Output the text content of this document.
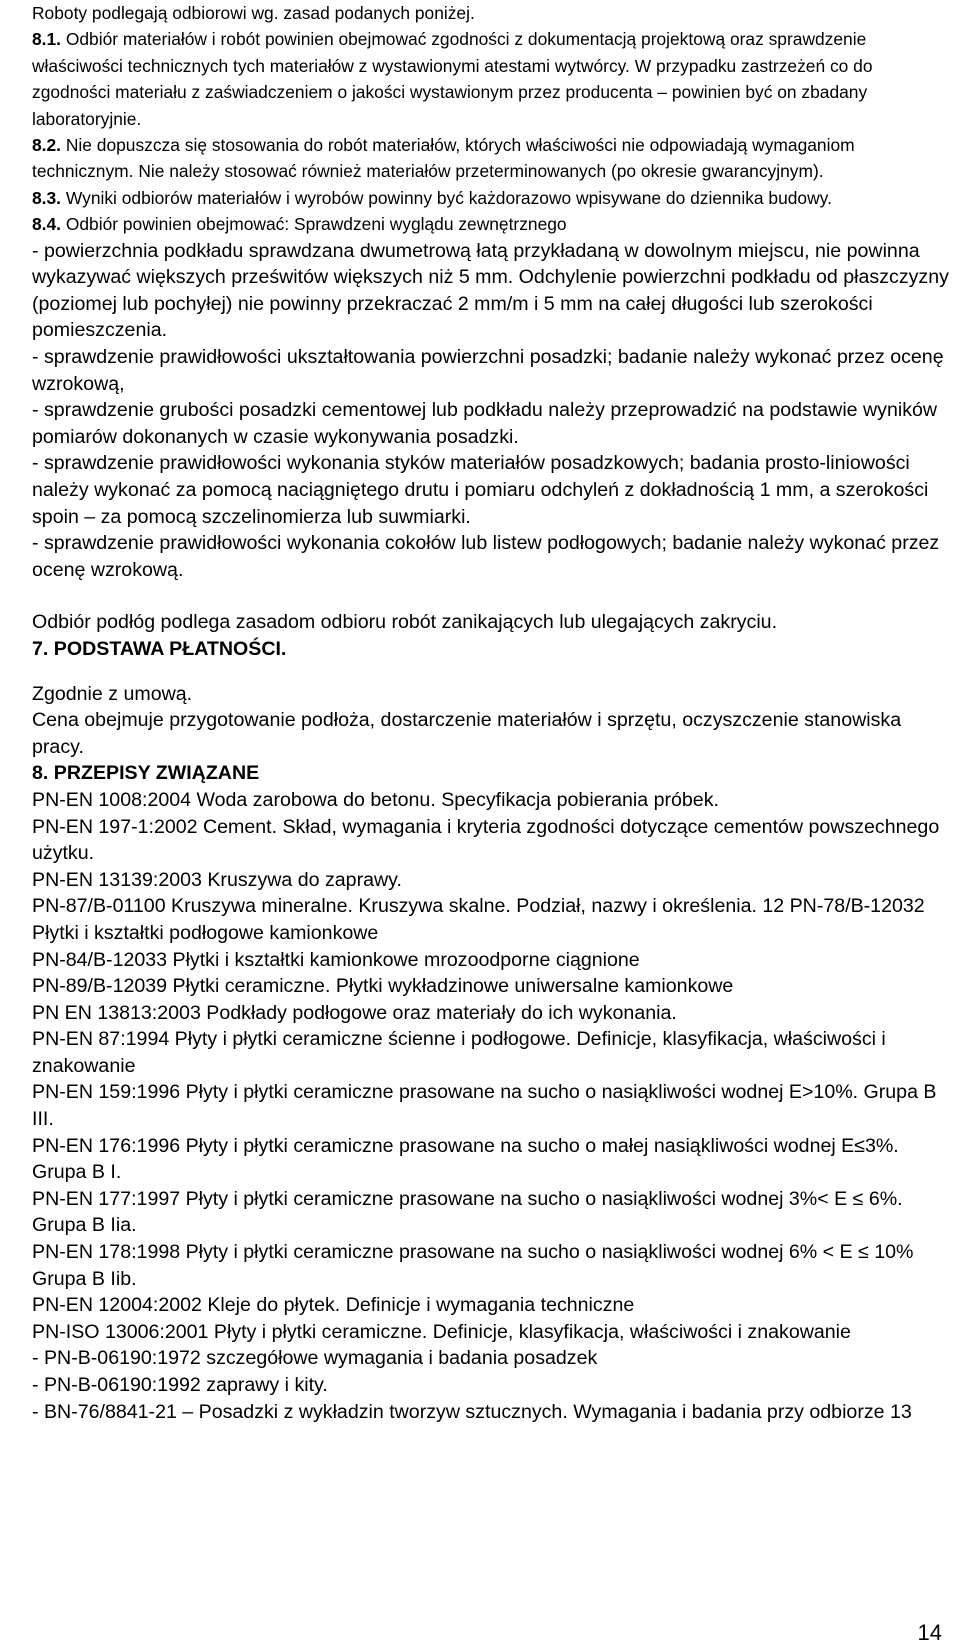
Roboty podlegają odbiorowi wg. zasad podanych poniżej.

8.1. Odbiór materiałów i robót powinien obejmować zgodności z dokumentacją projektową oraz sprawdzenie właściwości technicznych tych materiałów z wystawionymi atestami wytwórcy. W przypadku zastrzeżeń co do zgodności materiału z zaświadczeniem o jakości wystawionym przez producenta – powinien być on zbadany laboratoryjnie.

8.2. Nie dopuszcza się stosowania do robót materiałów, których właściwości nie odpowiadają wymaganiom technicznym. Nie należy stosować również materiałów przeterminowanych (po okresie gwarancyjnym).

8.3. Wyniki odbiorów materiałów i wyrobów powinny być każdorazowo wpisywane do dziennika budowy.

8.4. Odbiór powinien obejmować: Sprawdzeni wyglądu zewnętrznego

- powierzchnia podkładu sprawdzana dwumetrową łatą przykładaną w dowolnym miejscu, nie powinna wykazywać większych prześwitów większych niż 5 mm. Odchylenie powierzchni podkładu od płaszczyzny (poziomej lub pochyłej) nie powinny przekraczać 2 mm/m i 5 mm na całej długości lub szerokości pomieszczenia.

- sprawdzenie prawidłowości ukształtowania powierzchni posadzki; badanie należy wykonać przez ocenę wzrokową,

- sprawdzenie grubości posadzki cementowej lub podkładu należy przeprowadzić na podstawie wyników pomiarów dokonanych w czasie wykonywania posadzki.

- sprawdzenie prawidłowości wykonania styków materiałów posadzkowych; badania prosto-liniowości należy wykonać za pomocą naciągniętego drutu i pomiaru odchyleń z dokładnością 1 mm, a szerokości spoin – za pomocą szczelinomierza lub suwmiarki.

- sprawdzenie prawidłowości wykonania cokołów lub listew podłogowych; badanie należy wykonać przez ocenę wzrokową.

Odbiór podłóg podlega zasadom odbioru robót zanikających lub ulegających zakryciu.

7. PODSTAWA PŁATNOŚCI.

Zgodnie z umową.

Cena obejmuje przygotowanie podłoża, dostarczenie materiałów i sprzętu, oczyszczenie stanowiska pracy.

8. PRZEPISY ZWIĄZANE

PN-EN 1008:2004 Woda zarobowa do betonu. Specyfikacja pobierania próbek.

PN-EN 197-1:2002 Cement. Skład, wymagania i kryteria zgodności dotyczące cementów powszechnego użytku.

PN-EN 13139:2003 Kruszywa do zaprawy.

PN-87/B-01100 Kruszywa mineralne. Kruszywa skalne. Podział, nazwy i określenia. 12 PN-78/B-12032 Płytki i kształtki podłogowe kamionkowe

PN-84/B-12033 Płytki i kształtki kamionkowe mrozoodporne ciągnione

PN-89/B-12039 Płytki ceramiczne. Płytki wykładzinowe uniwersalne kamionkowe

PN EN 13813:2003 Podkłady podłogowe oraz materiały do ich wykonania.

PN-EN 87:1994 Płyty i płytki ceramiczne ścienne i podłogowe. Definicje, klasyfikacja, właściwości i znakowanie

PN-EN 159:1996 Płyty i płytki ceramiczne prasowane na sucho o nasiąkliwości wodnej E>10%. Grupa B III.

PN-EN 176:1996 Płyty i płytki ceramiczne prasowane na sucho o małej nasiąkliwości wodnej E≤3%. Grupa B I.

PN-EN 177:1997 Płyty i płytki ceramiczne prasowane na sucho o nasiąkliwości wodnej 3%< E ≤ 6%. Grupa B Iia.

PN-EN 178:1998 Płyty i płytki ceramiczne prasowane na sucho o nasiąkliwości wodnej 6% < E ≤ 10% Grupa B Iib.

PN-EN 12004:2002 Kleje do płytek. Definicje i wymagania techniczne

PN-ISO 13006:2001 Płyty i płytki ceramiczne. Definicje, klasyfikacja, właściwości i znakowanie

- PN-B-06190:1972 szczegółowe wymagania i badania posadzek

- PN-B-06190:1992 zaprawy i kity.

- BN-76/8841-21 – Posadzki z wykładzin tworzyw sztucznych. Wymagania i badania przy odbiorze 13

14
